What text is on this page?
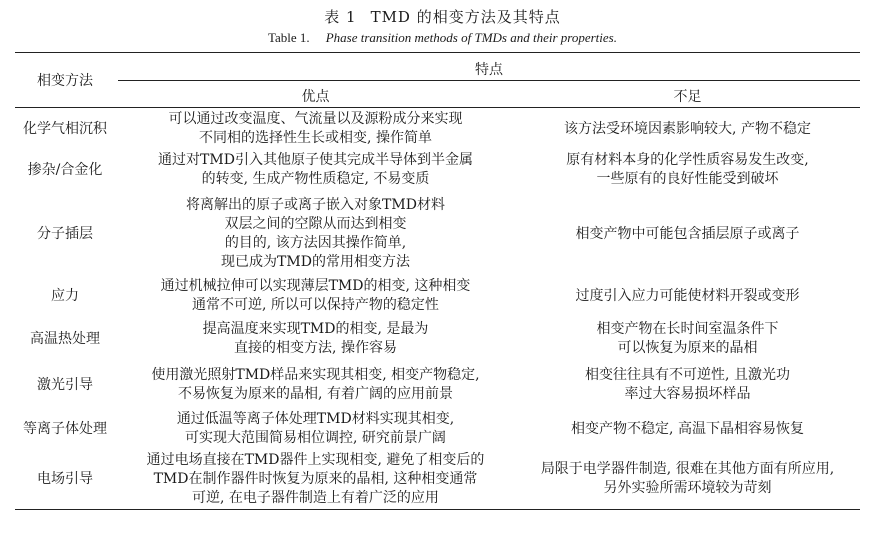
表 1 TMD 的相变方法及其特点
Table 1. Phase transition methods of TMDs and their properties.
相变方法
特点
优点	不足
化学气相沉积
可以通过改变温度、气流量以及源粉成分来实现
不同相的选择性生长或相变, 操作简单
该方法受环境因素影响较大, 产物不稳定
掺杂/合金化
通过对TMD引入其他原子使其完成半导体到半金属
的转变, 生成产物性质稳定, 不易变质
原有材料本身的化学性质容易发生改变,
一些原有的良好性能受到破坏
分子插层
将离解出的原子或离子嵌入对象TMD材料
双层之间的空隙从而达到相变
的目的, 该方法因其操作简单,
现已成为TMD的常用相变方法
相变产物中可能包含插层原子或离子
应力
通过机械拉伸可以实现薄层TMD的相变, 这种相变
通常不可逆, 所以可以保持产物的稳定性
过度引入应力可能使材料开裂或变形
高温热处理
提高温度来实现TMD的相变, 是最为
直接的相变方法, 操作容易
相变产物在长时间室温条件下
可以恢复为原来的晶相
激光引导
使用激光照射TMD样品来实现其相变, 相变产物稳定,
不易恢复为原来的晶相, 有着广阔的应用前景
相变往往具有不可逆性, 且激光功
率过大容易损坏样品
等离子体处理
通过低温等离子体处理TMD材料实现其相变,
可实现大范围简易相位调控, 研究前景广阔
相变产物不稳定, 高温下晶相容易恢复
电场引导
通过电场直接在TMD器件上实现相变, 避免了相变后的
TMD在制作器件时恢复为原来的晶相, 这种相变通常
可逆, 在电子器件制造上有着广泛的应用
局限于电学器件制造, 很难在其他方面有所应用,
另外实验所需环境较为苛刻
